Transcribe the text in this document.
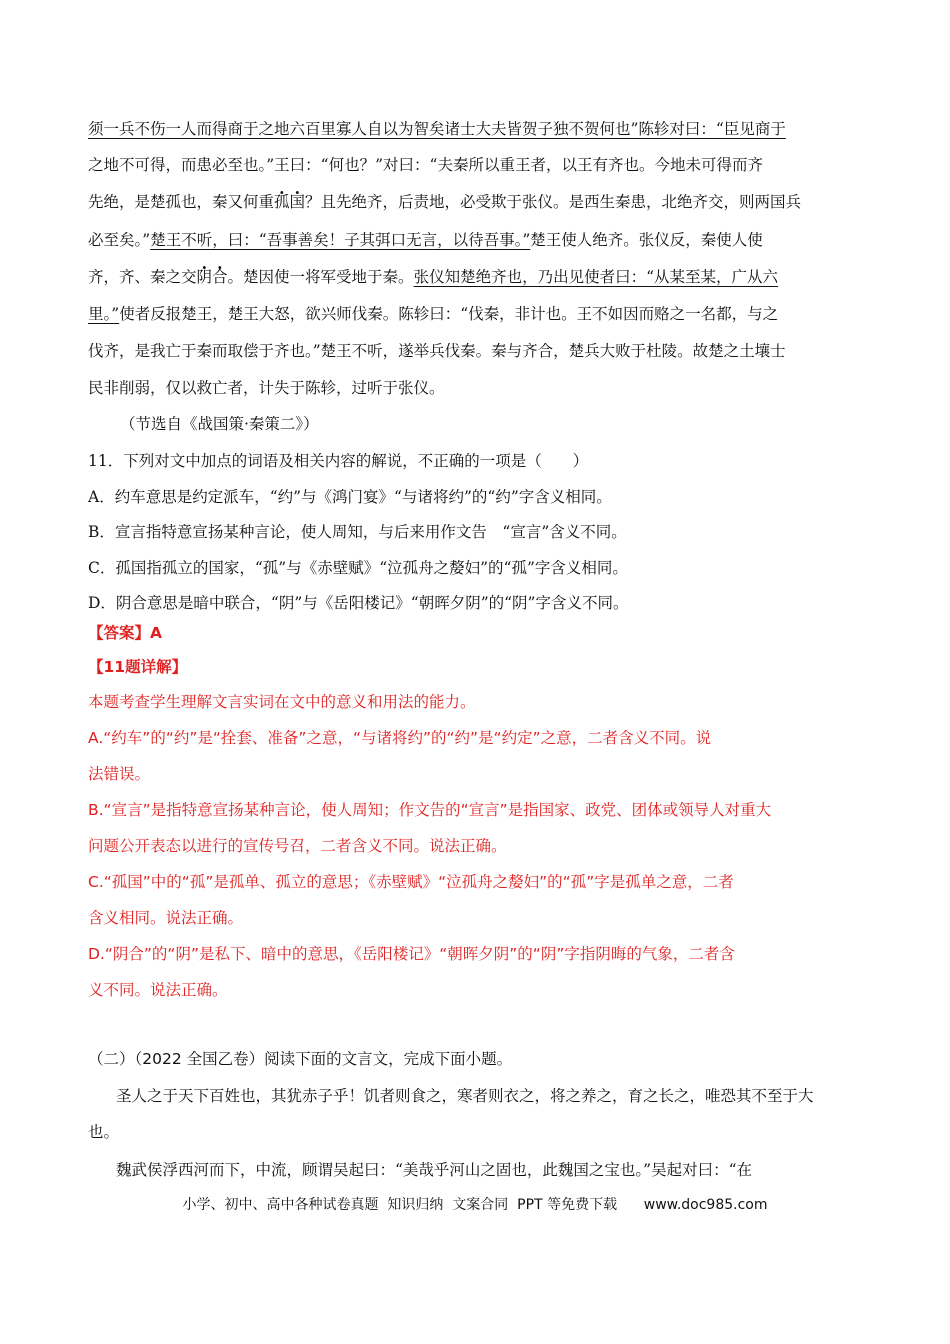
须一兵不伤一人而得商于之地六百里寡人自以为智矣诸士大夫皆贺子独不贺何也”陈轸对曰：“臣见商于
之地不可得，而患必至也。”王曰：“何也？”对曰：“夫秦所以重王者，以王有齐也。今地未可得而齐
先绝，是楚孤也，秦又何重孤国？且先绝齐，后责地，必受欺于张仪。是西生秦患，北绝齐交，则两国兵
必至矣。”楚王不听，曰：“吾事善矣！子其弭口无言，以待吾事。”楚王使人绝齐。张仪反，秦使人使
齐，齐、秦之交阴合。楚因使一将军受地于秦。张仪知楚绝齐也，乃出见使者曰：“从某至某，广从六
里。”使者反报楚王，楚王大怒，欲兴师伐秦。陈轸曰：“伐秦，非计也。王不如因而赂之一名都，与之
伐齐，是我亡于秦而取偿于齐也。”楚王不听，遂举兵伐秦。秦与齐合，楚兵大败于杜陵。故楚之土壤士
民非削弱，仅以救亡者，计失于陈轸，过听于张仪。
（节选自《战国策·秦策二》）
11．下列对文中加点的词语及相关内容的解说，不正确的一项是（　　）
A．约车意思是约定派车，“约”与《鸿门宴》“与诸将约”的“约”字含义相同。
B．宣言指特意宣扬某种言论，使人周知，与后来用作文告　“宣言”含义不同。
C．孤国指孤立的国家，“孤”与《赤壁赋》“泣孤舟之嫠妇”的“孤”字含义相同。
D．阴合意思是暗中联合，“阴”与《岳阳楼记》“朝晖夕阴”的“阴”字含义不同。
【答案】A
【11题详解】
本题考查学生理解文言实词在文中的意义和用法的能力。
A.“约车”的“约”是“拴套、准备”之意，“与诸将约”的“约”是“约定”之意，二者含义不同。说
法错误。
B.“宣言”是指特意宣扬某种言论，使人周知；作文告的“宣言”是指国家、政党、团体或领导人对重大
问题公开表态以进行的宣传号召，二者含义不同。说法正确。
C.“孤国”中的“孤”是孤单、孤立的意思；《赤壁赋》“泣孤舟之嫠妇”的“孤”字是孤单之意，二者
含义相同。说法正确。
D.“阴合”的“阴”是私下、暗中的意思，《岳阳楼记》“朝晖夕阴”的“阴”字指阴晦的气象，二者含
义不同。说法正确。
（二）（2022 全国乙卷）阅读下面的文言文，完成下面小题。
圣人之于天下百姓也，其犹赤子乎！饥者则食之，寒者则衣之，将之养之，育之长之，唯恐其不至于大
也。
魏武侯浮西河而下，中流，顾谓吴起曰：“美哉乎河山之固也，此魏国之宝也。”吴起对曰：“在
小学、初中、高中各种试卷真题  知识归纳  文案合同  PPT 等免费下载      www.doc985.com
